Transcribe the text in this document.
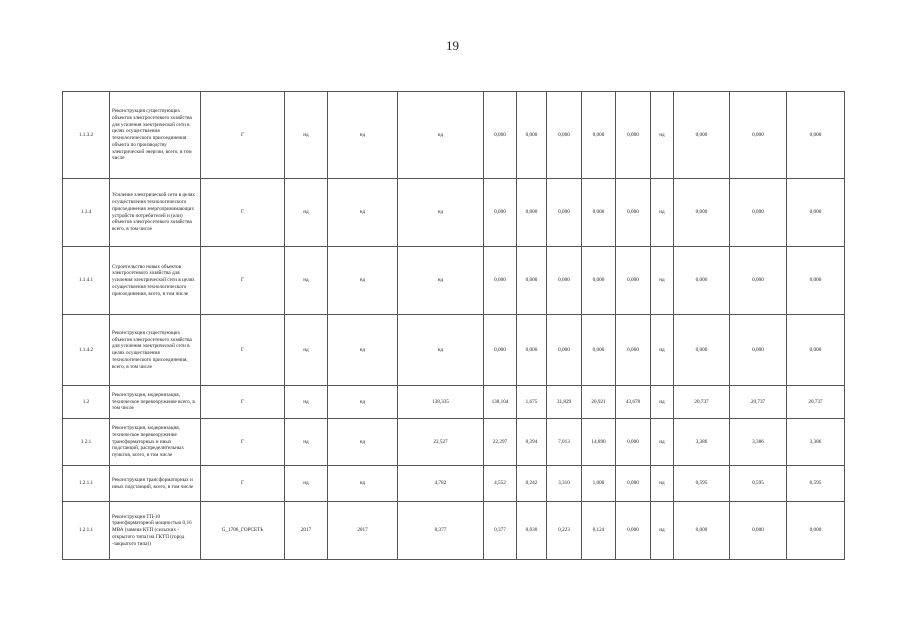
19
1.1.3.2	Реконструкция существующих объектов электросетевого хозяйства для усиления электрической сети в целях осуществления технологического присоединения объекта по производству электрической энергии, всего, в том числе	Г	нд	нд	нд	0,000	0,000	0,000	0,000	0,000	нд	0,000	0,000	0,000
1.1.4	Усиление электрической сети в целях осуществления технологического присоединения энергопринимающих устройств потребителей и (или) объектов электросетевого хозяйства всего, в том числе	Г	нд	нд	нд	0,000	0,000	0,000	0,000	0,000	нд	0,000	0,000	0,000
1.1.4.1	Строительство новых объектов электросетевого хозяйства для усиления электрической сети в целях осуществления технологического присоединения, всего, в том числе	Г	нд	нд	нд	0,000	0,000	0,000	0,000	0,000	нд	0,000	0,000	0,000
1.1.4.2	Реконструкция существующих объектов электросетевого хозяйства для усиления электрической сети в целях осуществления технологического присоединения, всего, в том числе	Г	нд	нд	нд	0,000	0,000	0,000	0,000	0,000	нд	0,000	0,000	0,000
1.2	Реконструкция, модернизация, техническое перевооружение всего, в том числе	Г	нд	нд	138,335	138,104	1,675	31,829	20,921	43,678	нд	20,737	20,737	20,737
1.2.1	Реконструкция, модернизация, техническое перевооружение трансформаторных и иных подстанций, распределительных пунктов, всего, в том числе	Г	нд	нд	22,527	22,297	0,394	7,013	14,890	0,000	нд	3,386	3,386	3,386
1.2.1.1	Реконструкция трансформаторных и иных подстанций, всего, в том числе	Г	нд	нд	4,782	4,552	0,242	3,310	1,000	0,000	нд	0,595	0,595	0,595
1.2.1.1	Реконструкция ТП-10 трансформаторной мощностью 0,16 МВА (замена КТП (сельских - открытого типа) на ГКТП (город -закрытого типа))	G_1706_ГОРСЕТЬ	2017	2017	0,377	0,377	0,030	0,223	0,124	0,000	нд	0,000	0,000	0,000
